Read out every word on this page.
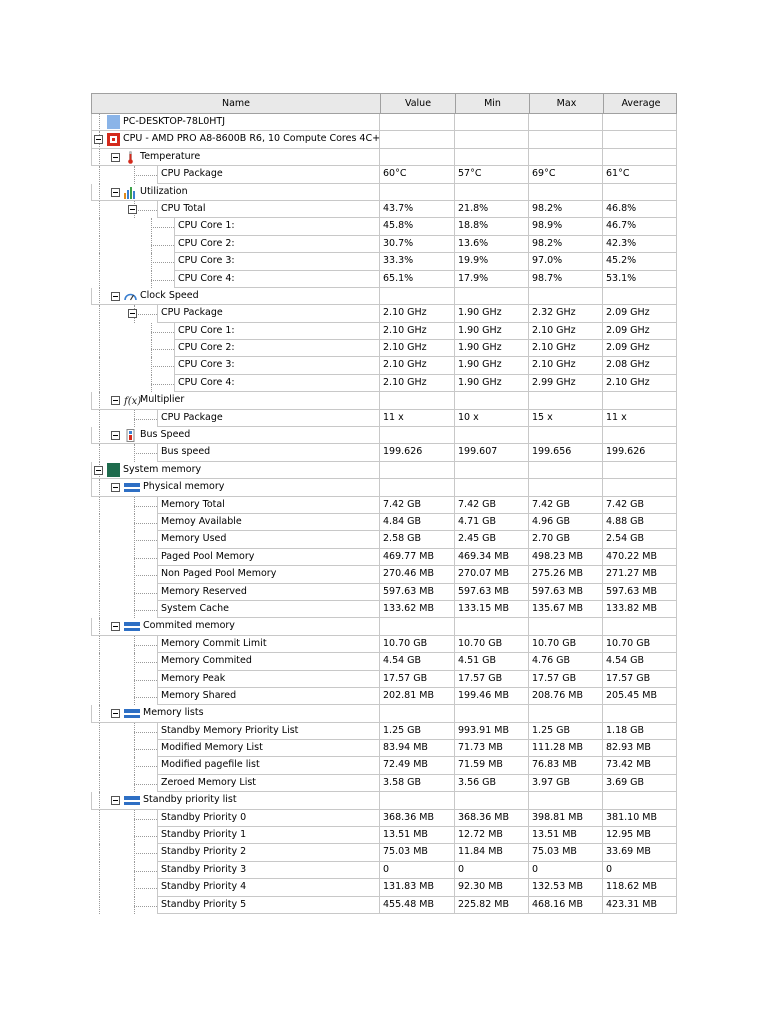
Name	Value	Min	Max	Average
PC-DESKTOP-78L0HTJ
CPU - AMD PRO A8-8600B R6, 10 Compute Cores 4C+
Temperature
CPU Package	60°C	57°C	69°C	61°C
Utilization
CPU Total	43.7%	21.8%	98.2%	46.8%
CPU Core 1:	45.8%	18.8%	98.9%	46.7%
CPU Core 2:	30.7%	13.6%	98.2%	42.3%
CPU Core 3:	33.3%	19.9%	97.0%	45.2%
CPU Core 4:	65.1%	17.9%	98.7%	53.1%
Clock Speed
CPU Package	2.10 GHz	1.90 GHz	2.32 GHz	2.09 GHz
CPU Core 1:	2.10 GHz	1.90 GHz	2.10 GHz	2.09 GHz
CPU Core 2:	2.10 GHz	1.90 GHz	2.10 GHz	2.09 GHz
CPU Core 3:	2.10 GHz	1.90 GHz	2.10 GHz	2.08 GHz
CPU Core 4:	2.10 GHz	1.90 GHz	2.99 GHz	2.10 GHz
Multiplier
f(x)
CPU Package	11 x	10 x	15 x	11 x
Bus Speed
Bus speed	199.626	199.607	199.656	199.626
System memory
Physical memory
Memory Total	7.42 GB	7.42 GB	7.42 GB	7.42 GB
Memoy Available	4.84 GB	4.71 GB	4.96 GB	4.88 GB
Memory Used	2.58 GB	2.45 GB	2.70 GB	2.54 GB
Paged Pool Memory	469.77 MB	469.34 MB	498.23 MB	470.22 MB
Non Paged Pool Memory	270.46 MB	270.07 MB	275.26 MB	271.27 MB
Memory Reserved	597.63 MB	597.63 MB	597.63 MB	597.63 MB
System Cache	133.62 MB	133.15 MB	135.67 MB	133.82 MB
Commited memory
Memory Commit Limit	10.70 GB	10.70 GB	10.70 GB	10.70 GB
Memory Commited	4.54 GB	4.51 GB	4.76 GB	4.54 GB
Memory Peak	17.57 GB	17.57 GB	17.57 GB	17.57 GB
Memory Shared	202.81 MB	199.46 MB	208.76 MB	205.45 MB
Memory lists
Standby Memory Priority List	1.25 GB	993.91 MB	1.25 GB	1.18 GB
Modified Memory List	83.94 MB	71.73 MB	111.28 MB	82.93 MB
Modified pagefile list	72.49 MB	71.59 MB	76.83 MB	73.42 MB
Zeroed Memory List	3.58 GB	3.56 GB	3.97 GB	3.69 GB
Standby priority list
Standby Priority 0	368.36 MB	368.36 MB	398.81 MB	381.10 MB
Standby Priority 1	13.51 MB	12.72 MB	13.51 MB	12.95 MB
Standby Priority 2	75.03 MB	11.84 MB	75.03 MB	33.69 MB
Standby Priority 3	0	0	0	0
Standby Priority 4	131.83 MB	92.30 MB	132.53 MB	118.62 MB
Standby Priority 5	455.48 MB	225.82 MB	468.16 MB	423.31 MB
